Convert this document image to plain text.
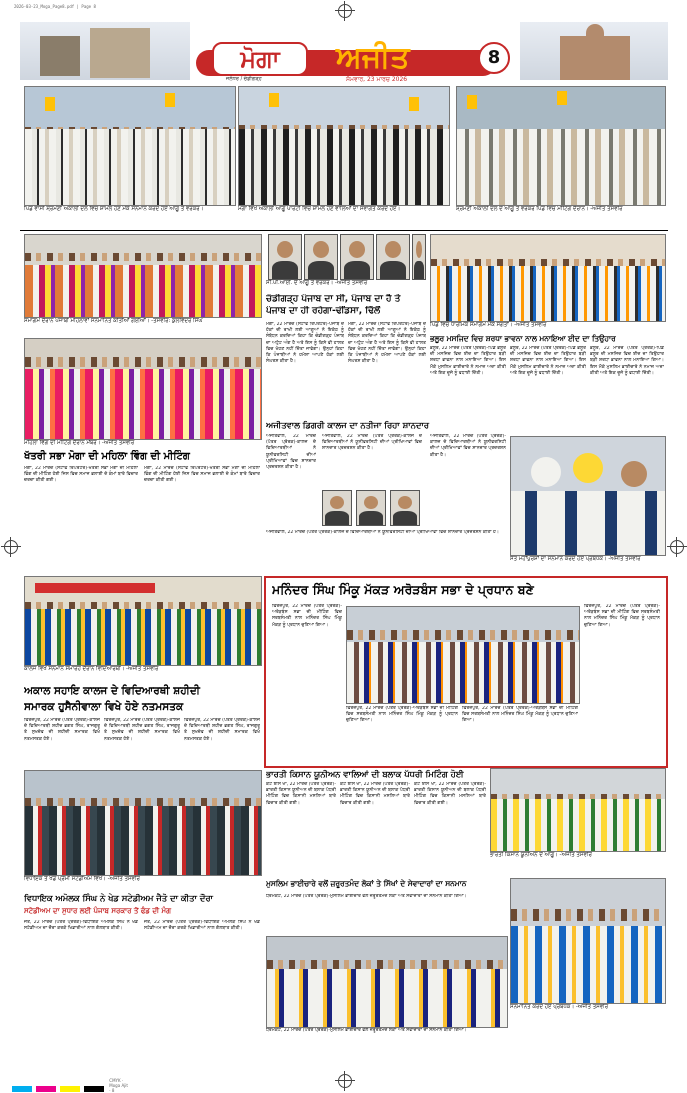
2026-03-23_Moga_Page8.pdf | Page 8
ਮੋਗਾ	ਅਜੀਤ
ਜਲੰਧਰ / ਚੰਡੀਗੜ੍ਹ	ਸੋਮਵਾਰ, 23 ਮਾਰਚ 2026
8
ਪਿੰਡ ਵਾਸੀ ਸ਼੍ਰੋਮਣੀ ਅਕਾਲੀ ਦਲ ਵਿਚ ਸ਼ਾਮਲ ਹੋਣ ਮੌਕੇ ਸਨਮਾਨ ਕਰਦੇ ਹੋਏ ਆਗੂ ਤੇ ਵਰਕਰ।	ਮੋਗਾ ਵਿਖੇ ਅਕਾਲੀ ਆਗੂ ਪਾਰਟੀ ਵਿਚ ਸ਼ਾਮਲ ਹੋਣ ਵਾਲਿਆਂ ਦਾ ਸਵਾਗਤ ਕਰਦੇ ਹੋਏ।	ਸ਼੍ਰੋਮਣੀ ਅਕਾਲੀ ਦਲ ਦੇ ਆਗੂ ਤੇ ਵਰਕਰ ਪਿੰਡ ਵਿਚ ਮੀਟਿੰਗ ਦੌਰਾਨ। -ਅਜੀਤ ਤਸਵੀਰ
ਸਮਾਗਮ ਦੌਰਾਨ ਪੰਜਾਬੀ ਮਹਿਲਾਵਾਂ ਸਨਮਾਨਿਤ ਕੀਤੀਆਂ ਗਈਆਂ। -ਤਸਵੀਰ: ਕੁਲਵਿੰਦਰ ਸਿੰਘ
ਸੀ.ਪੀ.ਆਈ. ਦੇ ਆਗੂ ਤੇ ਵਰਕਰ। -ਅਜੀਤ ਤਸਵੀਰ
ਚੰਡੀਗੜ੍ਹ ਪੰਜਾਬ ਦਾ ਸੀ, ਪੰਜਾਬ ਦਾ ਹੈ ਤੇ
ਪੰਜਾਬ ਦਾ ਹੀ ਰਹੇਗਾ-ਢੀਂਡਸਾ, ਢਿੱਲੋਂ
ਪਿੰਡ ਵਿਚ ਧਾਰਮਿਕ ਸਮਾਗਮ ਮੌਕੇ ਸੰਗਤਾਂ। -ਅਜੀਤ ਤਸਵੀਰ
ਭਲੂਰ ਮਸਜਿਦ ਵਿਚ ਸ਼ਰਧਾ ਭਾਵਨਾ ਨਾਲ ਮਨਾਇਆ ਈਦ ਦਾ ਤਿਉਹਾਰ
ਮਹਿਲਾ ਵਿੰਗ ਦੀ ਮੀਟਿੰਗ ਦੌਰਾਨ ਮੈਂਬਰ। -ਅਜੀਤ ਤਸਵੀਰ
ਖੱਤਰੀ ਸਭਾ ਮੋਗਾ ਦੀ ਮਹਿਲਾ ਵਿੰਗ ਦੀ ਮੀਟਿੰਗ
ਮੋਗਾ, 22 ਮਾਰਚ (ਸਟਾਫ ਰਿਪੋਰਟਰ)-ਖੱਤਰੀ ਸਭਾ ਮੋਗਾ ਦੀ ਮਹਿਲਾ ਵਿੰਗ ਦੀ ਮੀਟਿੰਗ ਹੋਈ ਜਿਸ ਵਿਚ ਸਮਾਜ ਭਲਾਈ ਦੇ ਕੰਮਾਂ ਬਾਰੇ ਵਿਚਾਰ ਚਰਚਾ ਕੀਤੀ ਗਈ।
ਮੋਗਾ, 22 ਮਾਰਚ (ਸਟਾਫ ਰਿਪੋਰਟਰ)-ਖੱਤਰੀ ਸਭਾ ਮੋਗਾ ਦੀ ਮਹਿਲਾ ਵਿੰਗ ਦੀ ਮੀਟਿੰਗ ਹੋਈ ਜਿਸ ਵਿਚ ਸਮਾਜ ਭਲਾਈ ਦੇ ਕੰਮਾਂ ਬਾਰੇ ਵਿਚਾਰ ਚਰਚਾ ਕੀਤੀ ਗਈ।
ਮੋਗਾ, 22 ਮਾਰਚ (ਸਟਾਫ ਰਿਪੋਰਟਰ)-ਪੰਜਾਬ ਦੇ ਹੱਕਾਂ ਦੀ ਰਾਖੀ ਲਈ ਆਗੂਆਂ ਨੇ ਇਕੱਠ ਨੂੰ ਸੰਬੋਧਨ ਕਰਦਿਆਂ ਕਿਹਾ ਕਿ ਚੰਡੀਗੜ੍ਹ ਪੰਜਾਬ ਦਾ ਅਟੁੱਟ ਅੰਗ ਹੈ ਅਤੇ ਇਸ ਨੂੰ ਕਿਸੇ ਵੀ ਹਾਲਤ ਵਿਚ ਖੋਹਣ ਨਹੀਂ ਦਿੱਤਾ ਜਾਵੇਗਾ। ਉਨ੍ਹਾਂ ਕਿਹਾ ਕਿ ਪੰਜਾਬੀਆਂ ਨੇ ਹਮੇਸ਼ਾ ਆਪਣੇ ਹੱਕਾਂ ਲਈ ਸੰਘਰਸ਼ ਕੀਤਾ ਹੈ।
ਮੋਗਾ, 22 ਮਾਰਚ (ਸਟਾਫ ਰਿਪੋਰਟਰ)-ਪੰਜਾਬ ਦੇ ਹੱਕਾਂ ਦੀ ਰਾਖੀ ਲਈ ਆਗੂਆਂ ਨੇ ਇਕੱਠ ਨੂੰ ਸੰਬੋਧਨ ਕਰਦਿਆਂ ਕਿਹਾ ਕਿ ਚੰਡੀਗੜ੍ਹ ਪੰਜਾਬ ਦਾ ਅਟੁੱਟ ਅੰਗ ਹੈ ਅਤੇ ਇਸ ਨੂੰ ਕਿਸੇ ਵੀ ਹਾਲਤ ਵਿਚ ਖੋਹਣ ਨਹੀਂ ਦਿੱਤਾ ਜਾਵੇਗਾ। ਉਨ੍ਹਾਂ ਕਿਹਾ ਕਿ ਪੰਜਾਬੀਆਂ ਨੇ ਹਮੇਸ਼ਾ ਆਪਣੇ ਹੱਕਾਂ ਲਈ ਸੰਘਰਸ਼ ਕੀਤਾ ਹੈ।
ਭਲੂਰ, 22 ਮਾਰਚ (ਪੱਤਰ ਪ੍ਰੇਰਕ)-ਪਿੰਡ ਭਲੂਰ ਦੀ ਮਸਜਿਦ ਵਿਚ ਈਦ ਦਾ ਤਿਉਹਾਰ ਬੜੀ ਸ਼ਰਧਾ ਭਾਵਨਾ ਨਾਲ ਮਨਾਇਆ ਗਿਆ। ਇਸ ਮੌਕੇ ਮੁਸਲਿਮ ਭਾਈਚਾਰੇ ਨੇ ਨਮਾਜ਼ ਅਦਾ ਕੀਤੀ ਅਤੇ ਇਕ ਦੂਜੇ ਨੂੰ ਵਧਾਈ ਦਿੱਤੀ।
ਭਲੂਰ, 22 ਮਾਰਚ (ਪੱਤਰ ਪ੍ਰੇਰਕ)-ਪਿੰਡ ਭਲੂਰ ਦੀ ਮਸਜਿਦ ਵਿਚ ਈਦ ਦਾ ਤਿਉਹਾਰ ਬੜੀ ਸ਼ਰਧਾ ਭਾਵਨਾ ਨਾਲ ਮਨਾਇਆ ਗਿਆ। ਇਸ ਮੌਕੇ ਮੁਸਲਿਮ ਭਾਈਚਾਰੇ ਨੇ ਨਮਾਜ਼ ਅਦਾ ਕੀਤੀ ਅਤੇ ਇਕ ਦੂਜੇ ਨੂੰ ਵਧਾਈ ਦਿੱਤੀ।
ਭਲੂਰ, 22 ਮਾਰਚ (ਪੱਤਰ ਪ੍ਰੇਰਕ)-ਪਿੰਡ ਭਲੂਰ ਦੀ ਮਸਜਿਦ ਵਿਚ ਈਦ ਦਾ ਤਿਉਹਾਰ ਬੜੀ ਸ਼ਰਧਾ ਭਾਵਨਾ ਨਾਲ ਮਨਾਇਆ ਗਿਆ। ਇਸ ਮੌਕੇ ਮੁਸਲਿਮ ਭਾਈਚਾਰੇ ਨੇ ਨਮਾਜ਼ ਅਦਾ ਕੀਤੀ ਅਤੇ ਇਕ ਦੂਜੇ ਨੂੰ ਵਧਾਈ ਦਿੱਤੀ।
ਅਜੀਤਵਾਲ ਡਿਗਰੀ ਕਾਲਜ ਦਾ ਨਤੀਜਾ ਰਿਹਾ ਸ਼ਾਨਦਾਰ
ਅਜੀਤਵਾਲ, 22 ਮਾਰਚ (ਪੱਤਰ ਪ੍ਰੇਰਕ)-ਕਾਲਜ ਦੇ ਵਿਦਿਆਰਥੀਆਂ ਨੇ ਯੂਨੀਵਰਸਿਟੀ ਦੀਆਂ ਪ੍ਰੀਖਿਆਵਾਂ ਵਿਚ ਸ਼ਾਨਦਾਰ ਪ੍ਰਦਰਸ਼ਨ ਕੀਤਾ ਹੈ।
ਅਜੀਤਵਾਲ, 22 ਮਾਰਚ (ਪੱਤਰ ਪ੍ਰੇਰਕ)-ਕਾਲਜ ਦੇ ਵਿਦਿਆਰਥੀਆਂ ਨੇ ਯੂਨੀਵਰਸਿਟੀ ਦੀਆਂ ਪ੍ਰੀਖਿਆਵਾਂ ਵਿਚ ਸ਼ਾਨਦਾਰ ਪ੍ਰਦਰਸ਼ਨ ਕੀਤਾ ਹੈ।
ਅਜੀਤਵਾਲ, 22 ਮਾਰਚ (ਪੱਤਰ ਪ੍ਰੇਰਕ)-ਕਾਲਜ ਦੇ ਵਿਦਿਆਰਥੀਆਂ ਨੇ ਯੂਨੀਵਰਸਿਟੀ ਦੀਆਂ ਪ੍ਰੀਖਿਆਵਾਂ ਵਿਚ ਸ਼ਾਨਦਾਰ ਪ੍ਰਦਰਸ਼ਨ ਕੀਤਾ ਹੈ।
ਅਜੀਤਵਾਲ, 22 ਮਾਰਚ (ਪੱਤਰ ਪ੍ਰੇਰਕ)-ਕਾਲਜ ਦੇ ਵਿਦਿਆਰਥੀਆਂ ਨੇ ਯੂਨੀਵਰਸਿਟੀ ਦੀਆਂ ਪ੍ਰੀਖਿਆਵਾਂ ਵਿਚ ਸ਼ਾਨਦਾਰ ਪ੍ਰਦਰਸ਼ਨ ਕੀਤਾ ਹੈ।
ਸੰਤ ਮਹਾਂਪੁਰਸ਼ਾਂ ਦਾ ਸਨਮਾਨ ਕਰਦੇ ਹੋਏ ਪ੍ਰਬੰਧਕ। -ਅਜੀਤ ਤਸਵੀਰ
ਕਾਲਜ ਵਿਖੇ ਸਨਮਾਨ ਸਮਾਰੋਹ ਦੌਰਾਨ ਵਿਦਿਆਰਥੀ। -ਅਜੀਤ ਤਸਵੀਰ
ਅਕਾਲ ਸਹਾਇ ਕਾਲਜ ਦੇ ਵਿਦਿਆਰਥੀ ਸ਼ਹੀਦੀ
ਸਮਾਰਕ ਹੁਸੈਨੀਵਾਲਾ ਵਿਖੇ ਹੋਏ ਨਤਮਸਤਕ
ਫਿਰੋਜ਼ਪੁਰ, 22 ਮਾਰਚ (ਪੱਤਰ ਪ੍ਰੇਰਕ)-ਕਾਲਜ ਦੇ ਵਿਦਿਆਰਥੀ ਸ਼ਹੀਦ ਭਗਤ ਸਿੰਘ, ਰਾਜਗੁਰੂ ਤੇ ਸੁਖਦੇਵ ਦੀ ਸ਼ਹੀਦੀ ਸਮਾਰਕ ਵਿਖੇ ਨਤਮਸਤਕ ਹੋਏ।
ਫਿਰੋਜ਼ਪੁਰ, 22 ਮਾਰਚ (ਪੱਤਰ ਪ੍ਰੇਰਕ)-ਕਾਲਜ ਦੇ ਵਿਦਿਆਰਥੀ ਸ਼ਹੀਦ ਭਗਤ ਸਿੰਘ, ਰਾਜਗੁਰੂ ਤੇ ਸੁਖਦੇਵ ਦੀ ਸ਼ਹੀਦੀ ਸਮਾਰਕ ਵਿਖੇ ਨਤਮਸਤਕ ਹੋਏ।
ਫਿਰੋਜ਼ਪੁਰ, 22 ਮਾਰਚ (ਪੱਤਰ ਪ੍ਰੇਰਕ)-ਕਾਲਜ ਦੇ ਵਿਦਿਆਰਥੀ ਸ਼ਹੀਦ ਭਗਤ ਸਿੰਘ, ਰਾਜਗੁਰੂ ਤੇ ਸੁਖਦੇਵ ਦੀ ਸ਼ਹੀਦੀ ਸਮਾਰਕ ਵਿਖੇ ਨਤਮਸਤਕ ਹੋਏ।
ਮਨਿੰਦਰ ਸਿੰਘ ਮਿੰਕੂ ਮੱਕੜ ਅਰੋੜਬੰਸ ਸਭਾ ਦੇ ਪ੍ਰਧਾਨ ਬਣੇ
ਫਿਰੋਜ਼ਪੁਰ, 22 ਮਾਰਚ (ਪੱਤਰ ਪ੍ਰੇਰਕ)-ਅਰੋੜਬੰਸ ਸਭਾ ਦੀ ਮੀਟਿੰਗ ਵਿਚ ਸਰਬਸੰਮਤੀ ਨਾਲ ਮਨਿੰਦਰ ਸਿੰਘ ਮਿੰਕੂ ਮੱਕੜ ਨੂੰ ਪ੍ਰਧਾਨ ਚੁਣਿਆ ਗਿਆ।
ਫਿਰੋਜ਼ਪੁਰ, 22 ਮਾਰਚ (ਪੱਤਰ ਪ੍ਰੇਰਕ)-ਅਰੋੜਬੰਸ ਸਭਾ ਦੀ ਮੀਟਿੰਗ ਵਿਚ ਸਰਬਸੰਮਤੀ ਨਾਲ ਮਨਿੰਦਰ ਸਿੰਘ ਮਿੰਕੂ ਮੱਕੜ ਨੂੰ ਪ੍ਰਧਾਨ ਚੁਣਿਆ ਗਿਆ।
ਫਿਰੋਜ਼ਪੁਰ, 22 ਮਾਰਚ (ਪੱਤਰ ਪ੍ਰੇਰਕ)-ਅਰੋੜਬੰਸ ਸਭਾ ਦੀ ਮੀਟਿੰਗ ਵਿਚ ਸਰਬਸੰਮਤੀ ਨਾਲ ਮਨਿੰਦਰ ਸਿੰਘ ਮਿੰਕੂ ਮੱਕੜ ਨੂੰ ਪ੍ਰਧਾਨ ਚੁਣਿਆ ਗਿਆ।
ਫਿਰੋਜ਼ਪੁਰ, 22 ਮਾਰਚ (ਪੱਤਰ ਪ੍ਰੇਰਕ)-ਅਰੋੜਬੰਸ ਸਭਾ ਦੀ ਮੀਟਿੰਗ ਵਿਚ ਸਰਬਸੰਮਤੀ ਨਾਲ ਮਨਿੰਦਰ ਸਿੰਘ ਮਿੰਕੂ ਮੱਕੜ ਨੂੰ ਪ੍ਰਧਾਨ ਚੁਣਿਆ ਗਿਆ।
ਭਾਰਤੀ ਕਿਸਾਨ ਯੂਨੀਅਨ ਵਾਲਿਆਂ ਦੀ ਬਲਾਕ ਪੱਧਰੀ ਮਿਟਿੰਗ ਹੋਈ
ਕੋਟ ਈਸੇ ਖਾਂ, 22 ਮਾਰਚ (ਪੱਤਰ ਪ੍ਰੇਰਕ)-ਭਾਰਤੀ ਕਿਸਾਨ ਯੂਨੀਅਨ ਦੀ ਬਲਾਕ ਪੱਧਰੀ ਮੀਟਿੰਗ ਵਿਚ ਕਿਸਾਨੀ ਮਸਲਿਆਂ ਬਾਰੇ ਵਿਚਾਰ ਕੀਤੀ ਗਈ।
ਕੋਟ ਈਸੇ ਖਾਂ, 22 ਮਾਰਚ (ਪੱਤਰ ਪ੍ਰੇਰਕ)-ਭਾਰਤੀ ਕਿਸਾਨ ਯੂਨੀਅਨ ਦੀ ਬਲਾਕ ਪੱਧਰੀ ਮੀਟਿੰਗ ਵਿਚ ਕਿਸਾਨੀ ਮਸਲਿਆਂ ਬਾਰੇ ਵਿਚਾਰ ਕੀਤੀ ਗਈ।
ਕੋਟ ਈਸੇ ਖਾਂ, 22 ਮਾਰਚ (ਪੱਤਰ ਪ੍ਰੇਰਕ)-ਭਾਰਤੀ ਕਿਸਾਨ ਯੂਨੀਅਨ ਦੀ ਬਲਾਕ ਪੱਧਰੀ ਮੀਟਿੰਗ ਵਿਚ ਕਿਸਾਨੀ ਮਸਲਿਆਂ ਬਾਰੇ ਵਿਚਾਰ ਕੀਤੀ ਗਈ।
ਭਾਰਤੀ ਕਿਸਾਨ ਯੂਨੀਅਨ ਦੇ ਆਗੂ। -ਅਜੀਤ ਤਸਵੀਰ
ਵਿਧਾਇਕ ਤੇ ਖੇਡ ਪ੍ਰੇਮੀ ਸਟੇਡੀਅਮ ਵਿਖੇ। -ਅਜੀਤ ਤਸਵੀਰ
ਵਿਧਾਇਕ ਅਮੋਲਕ ਸਿੰਘ ਨੇ ਖੇਡ ਸਟੇਡੀਅਮ ਜੈਤੋ ਦਾ ਕੀਤਾ ਦੌਰਾ
ਸਟੇਡੀਅਮ ਦਾ ਸੁਧਾਰ ਲਈ ਪੰਜਾਬ ਸਰਕਾਰ ਤੋਂ ਫੰਡ ਦੀ ਮੰਗ
ਜੈਤੋ, 22 ਮਾਰਚ (ਪੱਤਰ ਪ੍ਰੇਰਕ)-ਵਿਧਾਇਕ ਅਮੋਲਕ ਸਿੰਘ ਨੇ ਖੇਡ ਸਟੇਡੀਅਮ ਦਾ ਦੌਰਾ ਕਰਕੇ ਖਿਡਾਰੀਆਂ ਨਾਲ ਗੱਲਬਾਤ ਕੀਤੀ।
ਜੈਤੋ, 22 ਮਾਰਚ (ਪੱਤਰ ਪ੍ਰੇਰਕ)-ਵਿਧਾਇਕ ਅਮੋਲਕ ਸਿੰਘ ਨੇ ਖੇਡ ਸਟੇਡੀਅਮ ਦਾ ਦੌਰਾ ਕਰਕੇ ਖਿਡਾਰੀਆਂ ਨਾਲ ਗੱਲਬਾਤ ਕੀਤੀ।
ਮੁਸਲਿਮ ਭਾਈਚਾਰੇ ਵਲੋਂ ਜ਼ਰੂਰਤਮੰਦ ਲੋਕਾਂ ਤੇ ਸਿੱਖਾਂ ਦੇ ਸੇਵਾਦਾਰਾਂ ਦਾ ਸਨਮਾਨ
ਧਰਮਕੋਟ, 22 ਮਾਰਚ (ਪੱਤਰ ਪ੍ਰੇਰਕ)-ਮੁਸਲਿਮ ਭਾਈਚਾਰੇ ਵਲੋਂ ਜ਼ਰੂਰਤਮੰਦ ਲੋਕਾਂ ਅਤੇ ਸੇਵਾਦਾਰਾਂ ਦਾ ਸਨਮਾਨ ਕੀਤਾ ਗਿਆ।
ਧਰਮਕੋਟ, 22 ਮਾਰਚ (ਪੱਤਰ ਪ੍ਰੇਰਕ)-ਮੁਸਲਿਮ ਭਾਈਚਾਰੇ ਵਲੋਂ ਜ਼ਰੂਰਤਮੰਦ ਲੋਕਾਂ ਅਤੇ ਸੇਵਾਦਾਰਾਂ ਦਾ ਸਨਮਾਨ ਕੀਤਾ ਗਿਆ।
ਸਨਮਾਨਿਤ ਕਰਦੇ ਹੋਏ ਪ੍ਰਬੰਧਕ। -ਅਜੀਤ ਤਸਵੀਰ
CMYK · Moga Ajit · 8
